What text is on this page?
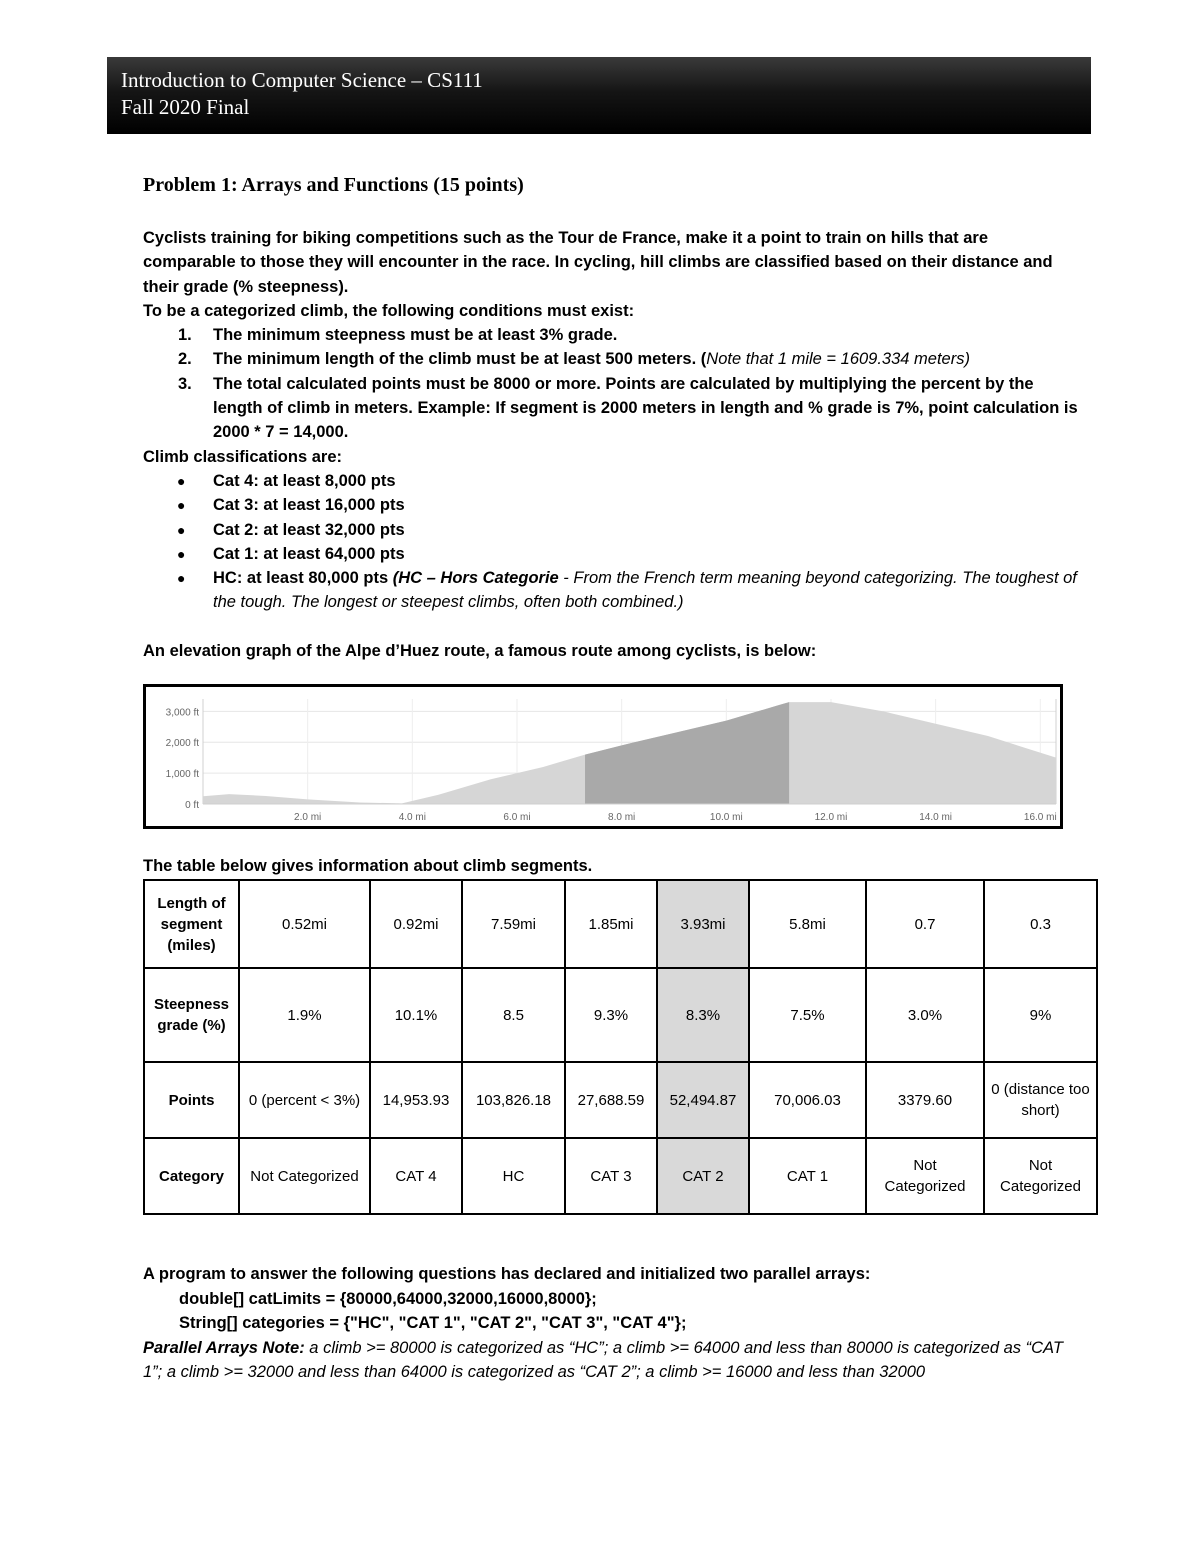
Introduction to Computer Science – CS111
Fall 2020 Final
Problem 1: Arrays and Functions (15 points)

Cyclists training for biking competitions such as the Tour de France, make it a point to train on hills that are comparable to those they will encounter in the race. In cycling, hill climbs are classified based on their distance and their grade (% steepness).

To be a categorized climb, the following conditions must exist:

1. The minimum steepness must be at least 3% grade.
2. The minimum length of the climb must be at least 500 meters. (Note that 1 mile = 1609.334 meters)
3. The total calculated points must be 8000 or more. Points are calculated by multiplying the percent by the length of climb in meters. Example: If segment is 2000 meters in length and % grade is 7%, point calculation is 2000 * 7 = 14,000.

Climb classifications are:

● Cat 4: at least 8,000 pts
● Cat 3: at least 16,000 pts
● Cat 2: at least 32,000 pts
● Cat 1: at least 64,000 pts
● HC: at least 80,000 pts (HC – Hors Categorie - From the French term meaning beyond categorizing. The toughest of the tough. The longest or steepest climbs, often both combined.)

An elevation graph of the Alpe d’Huez route, a famous route among cyclists, is below:

0 ft
1,000 ft
2,000 ft
3,000 ft
2.0 mi	4.0 mi	6.0 mi	8.0 mi	10.0 mi	12.0 mi	14.0 mi	16.0 mi
The table below gives information about climb segments.
Length of segment (miles)	0.52mi	0.92mi	7.59mi	1.85mi	3.93mi	5.8mi	0.7	0.3
Steepness grade (%)	1.9%	10.1%	8.5	9.3%	8.3%	7.5%	3.0%	9%
Points	0 (percent < 3%)	14,953.93	103,826.18	27,688.59	52,494.87	70,006.03	3379.60	0 (distance too short)
Category	Not Categorized	CAT 4	HC	CAT 3	CAT 2	CAT 1	Not Categorized	Not Categorized

A program to answer the following questions has declared and initialized two parallel arrays:

double[] catLimits = {80000,64000,32000,16000,8000};

String[] categories = {"HC", "CAT 1", "CAT 2", "CAT 3", "CAT 4"};

Parallel Arrays Note: a climb >= 80000 is categorized as “HC”; a climb >= 64000 and less than 80000 is categorized as “CAT 1”; a climb >= 32000 and less than 64000 is categorized as “CAT 2”; a climb >= 16000 and less than 32000
